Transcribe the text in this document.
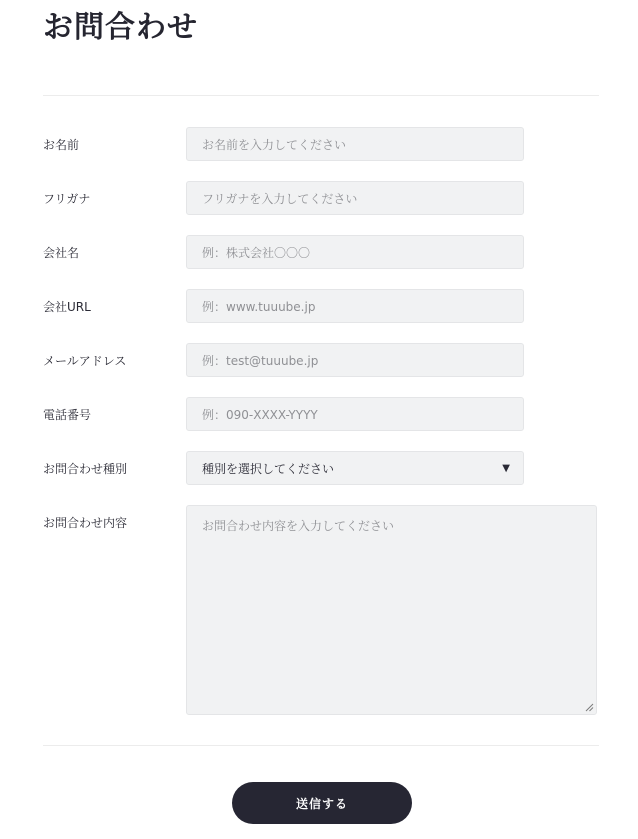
お問合わせ
お名前	お名前を入力してください
フリガナ	フリガナを入力してください
会社名	例：株式会社〇〇〇
会社URL	例：www.tuuube.jp
メールアドレス	例：test@tuuube.jp
電話番号	例：090-XXXX-YYYY
お問合わせ種別	種別を選択してください	▼
お問合わせ内容	お問合わせ内容を入力してください
送信する
